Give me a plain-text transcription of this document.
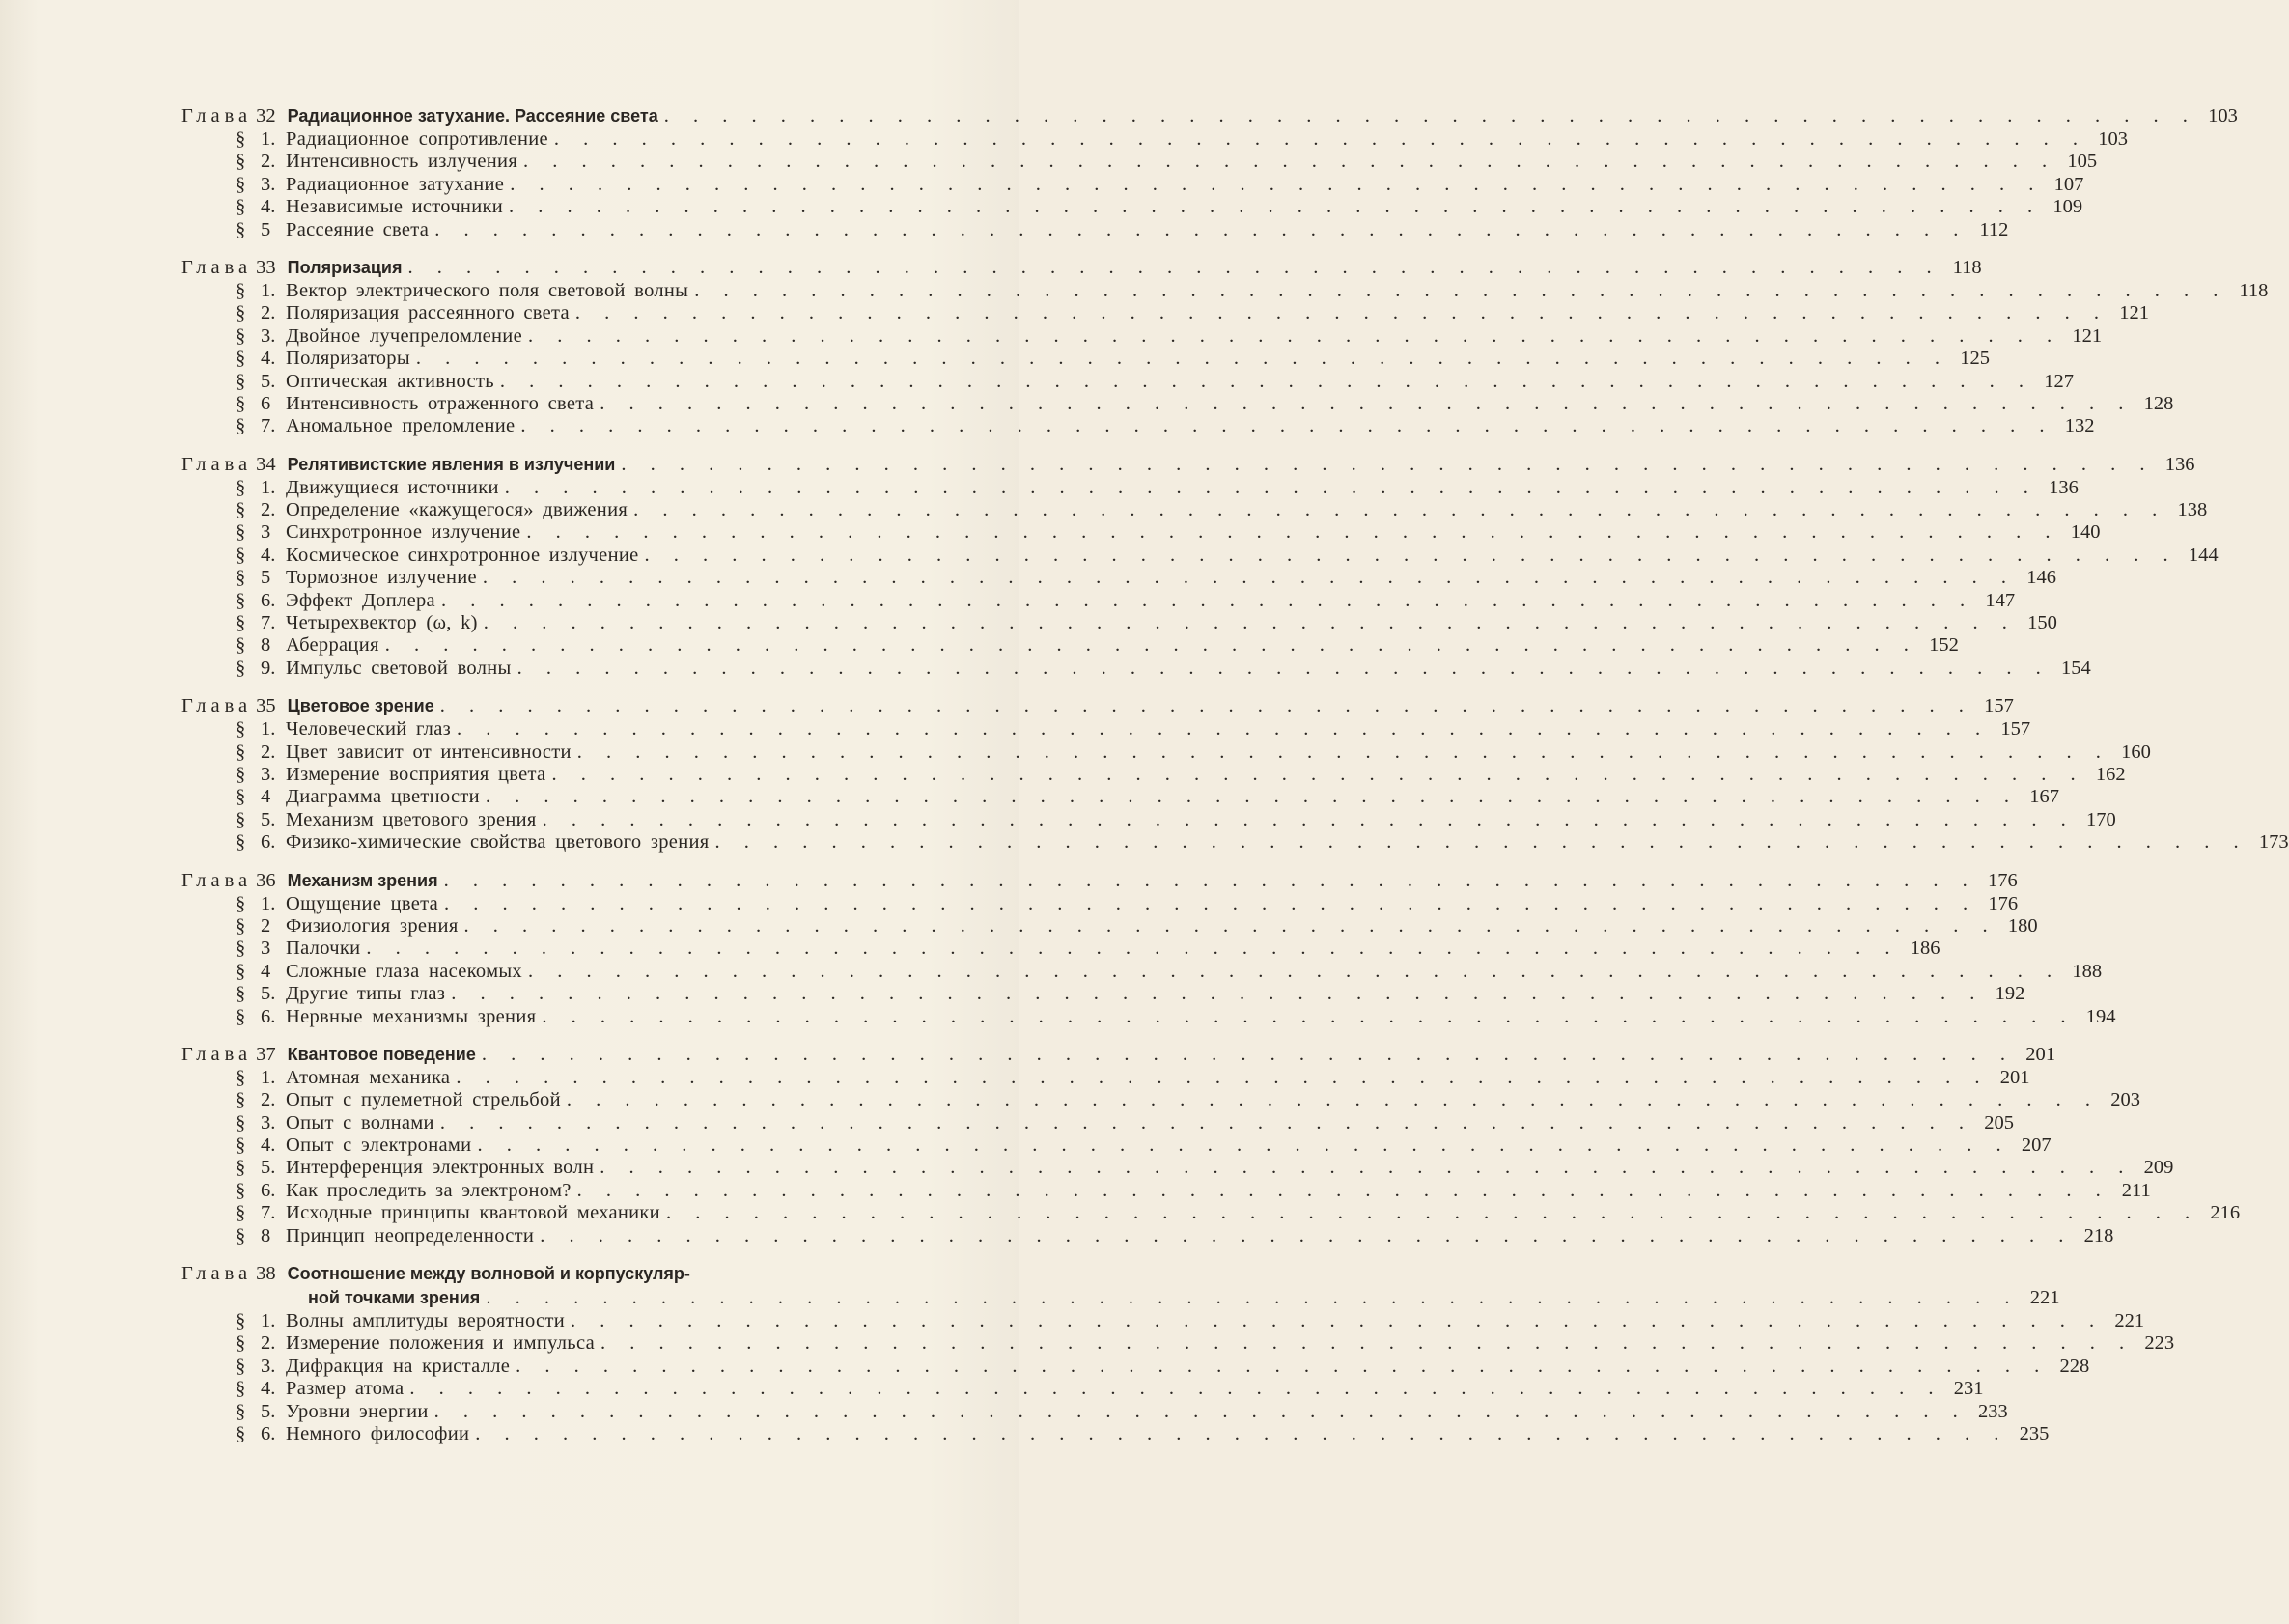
Глава 32 Радиационное затухание. Рассеяние света . . . . . . . . . . . . . . . . . . . . . . . . . . . . . . . . . . . . . . . . . . . . . . . . . . . . . 103
§ 1. Радиационное сопротивление . . . . . . . . . . . . . . . . . . . . . . . . . . . . . . . . . . . . . . . . . . . . . . . . . . . . . 103
§ 2. Интенсивность излучения . . . . . . . . . . . . . . . . . . . . . . . . . . . . . . . . . . . . . . . . . . . . . . . . . . . . . 105
§ 3. Радиационное затухание . . . . . . . . . . . . . . . . . . . . . . . . . . . . . . . . . . . . . . . . . . . . . . . . . . . . . 107
§ 4. Независимые источники . . . . . . . . . . . . . . . . . . . . . . . . . . . . . . . . . . . . . . . . . . . . . . . . . . . . . 109
§ 5 Рассеяние света . . . . . . . . . . . . . . . . . . . . . . . . . . . . . . . . . . . . . . . . . . . . . . . . . . . . . 112
Глава 33 Поляризация . . . . . . . . . . . . . . . . . . . . . . . . . . . . . . . . . . . . . . . . . . . . . . . . . . . . . 118
§ 1. Вектор электрического поля световой волны . . . . . . . . . . . . . . . . . . . . . . . . . . . . . . . . . . . . . . . . . . . . . . . . . . . . . 118
§ 2. Поляризация рассеянного света . . . . . . . . . . . . . . . . . . . . . . . . . . . . . . . . . . . . . . . . . . . . . . . . . . . . . 121
§ 3. Двойное лучепреломление . . . . . . . . . . . . . . . . . . . . . . . . . . . . . . . . . . . . . . . . . . . . . . . . . . . . . 121
§ 4. Поляризаторы . . . . . . . . . . . . . . . . . . . . . . . . . . . . . . . . . . . . . . . . . . . . . . . . . . . . . 125
§ 5. Оптическая активность . . . . . . . . . . . . . . . . . . . . . . . . . . . . . . . . . . . . . . . . . . . . . . . . . . . . . 127
§ 6 Интенсивность отраженного света . . . . . . . . . . . . . . . . . . . . . . . . . . . . . . . . . . . . . . . . . . . . . . . . . . . . . 128
§ 7. Аномальное преломление . . . . . . . . . . . . . . . . . . . . . . . . . . . . . . . . . . . . . . . . . . . . . . . . . . . . . 132
Глава 34 Релятивистские явления в излучении . . . . . . . . . . . . . . . . . . . . . . . . . . . . . . . . . . . . . . . . . . . . . . . . . . . . . 136
§ 1. Движущиеся источники . . . . . . . . . . . . . . . . . . . . . . . . . . . . . . . . . . . . . . . . . . . . . . . . . . . . . 136
§ 2. Определение «кажущегося» движения . . . . . . . . . . . . . . . . . . . . . . . . . . . . . . . . . . . . . . . . . . . . . . . . . . . . . 138
§ 3 Синхротронное излучение . . . . . . . . . . . . . . . . . . . . . . . . . . . . . . . . . . . . . . . . . . . . . . . . . . . . . 140
§ 4. Космическое синхротронное излучение . . . . . . . . . . . . . . . . . . . . . . . . . . . . . . . . . . . . . . . . . . . . . . . . . . . . . 144
§ 5 Тормозное излучение . . . . . . . . . . . . . . . . . . . . . . . . . . . . . . . . . . . . . . . . . . . . . . . . . . . . . 146
§ 6. Эффект Доплера . . . . . . . . . . . . . . . . . . . . . . . . . . . . . . . . . . . . . . . . . . . . . . . . . . . . . 147
§ 7. Четырехвектор (ω, k) . . . . . . . . . . . . . . . . . . . . . . . . . . . . . . . . . . . . . . . . . . . . . . . . . . . . . 150
§ 8 Аберрация . . . . . . . . . . . . . . . . . . . . . . . . . . . . . . . . . . . . . . . . . . . . . . . . . . . . . 152
§ 9. Импульс световой волны . . . . . . . . . . . . . . . . . . . . . . . . . . . . . . . . . . . . . . . . . . . . . . . . . . . . . 154
Глава 35 Цветовое зрение . . . . . . . . . . . . . . . . . . . . . . . . . . . . . . . . . . . . . . . . . . . . . . . . . . . . . 157
§ 1. Человеческий глаз . . . . . . . . . . . . . . . . . . . . . . . . . . . . . . . . . . . . . . . . . . . . . . . . . . . . . 157
§ 2. Цвет зависит от интенсивности . . . . . . . . . . . . . . . . . . . . . . . . . . . . . . . . . . . . . . . . . . . . . . . . . . . . . 160
§ 3. Измерение восприятия цвета . . . . . . . . . . . . . . . . . . . . . . . . . . . . . . . . . . . . . . . . . . . . . . . . . . . . . 162
§ 4 Диаграмма цветности . . . . . . . . . . . . . . . . . . . . . . . . . . . . . . . . . . . . . . . . . . . . . . . . . . . . . 167
§ 5. Механизм цветового зрения . . . . . . . . . . . . . . . . . . . . . . . . . . . . . . . . . . . . . . . . . . . . . . . . . . . . . 170
§ 6. Физико-химические свойства цветового зрения . . . . . . . . . . . . . . . . . . . . . . . . . . . . . . . . . . . . . . . . . . . . . . . . . . . . . 173
Глава 36 Механизм зрения . . . . . . . . . . . . . . . . . . . . . . . . . . . . . . . . . . . . . . . . . . . . . . . . . . . . . 176
§ 1. Ощущение цвета . . . . . . . . . . . . . . . . . . . . . . . . . . . . . . . . . . . . . . . . . . . . . . . . . . . . . 176
§ 2 Физиология зрения . . . . . . . . . . . . . . . . . . . . . . . . . . . . . . . . . . . . . . . . . . . . . . . . . . . . . 180
§ 3 Палочки . . . . . . . . . . . . . . . . . . . . . . . . . . . . . . . . . . . . . . . . . . . . . . . . . . . . . 186
§ 4 Сложные глаза насекомых . . . . . . . . . . . . . . . . . . . . . . . . . . . . . . . . . . . . . . . . . . . . . . . . . . . . . 188
§ 5. Другие типы глаз . . . . . . . . . . . . . . . . . . . . . . . . . . . . . . . . . . . . . . . . . . . . . . . . . . . . . 192
§ 6. Нервные механизмы зрения . . . . . . . . . . . . . . . . . . . . . . . . . . . . . . . . . . . . . . . . . . . . . . . . . . . . . 194
Глава 37 Квантовое поведение . . . . . . . . . . . . . . . . . . . . . . . . . . . . . . . . . . . . . . . . . . . . . . . . . . . . . 201
§ 1. Атомная механика . . . . . . . . . . . . . . . . . . . . . . . . . . . . . . . . . . . . . . . . . . . . . . . . . . . . . 201
§ 2. Опыт с пулеметной стрельбой . . . . . . . . . . . . . . . . . . . . . . . . . . . . . . . . . . . . . . . . . . . . . . . . . . . . . 203
§ 3. Опыт с волнами . . . . . . . . . . . . . . . . . . . . . . . . . . . . . . . . . . . . . . . . . . . . . . . . . . . . . 205
§ 4. Опыт с электронами . . . . . . . . . . . . . . . . . . . . . . . . . . . . . . . . . . . . . . . . . . . . . . . . . . . . . 207
§ 5. Интерференция электронных волн . . . . . . . . . . . . . . . . . . . . . . . . . . . . . . . . . . . . . . . . . . . . . . . . . . . . . 209
§ 6. Как проследить за электроном? . . . . . . . . . . . . . . . . . . . . . . . . . . . . . . . . . . . . . . . . . . . . . . . . . . . . . 211
§ 7. Исходные принципы квантовой механики . . . . . . . . . . . . . . . . . . . . . . . . . . . . . . . . . . . . . . . . . . . . . . . . . . . . . 216
§ 8 Принцип неопределенности . . . . . . . . . . . . . . . . . . . . . . . . . . . . . . . . . . . . . . . . . . . . . . . . . . . . . 218
Глава 38 Соотношение между волновой и корпускуляр-
ной точками зрения . . . . . . . . . . . . . . . . . . . . . . . . . . . . . . . . . . . . . . . . . . . . . . . . . . . . . 221
§ 1. Волны амплитуды вероятности . . . . . . . . . . . . . . . . . . . . . . . . . . . . . . . . . . . . . . . . . . . . . . . . . . . . . 221
§ 2. Измерение положения и импульса . . . . . . . . . . . . . . . . . . . . . . . . . . . . . . . . . . . . . . . . . . . . . . . . . . . . . 223
§ 3. Дифракция на кристалле . . . . . . . . . . . . . . . . . . . . . . . . . . . . . . . . . . . . . . . . . . . . . . . . . . . . . 228
§ 4. Размер атома . . . . . . . . . . . . . . . . . . . . . . . . . . . . . . . . . . . . . . . . . . . . . . . . . . . . . 231
§ 5. Уровни энергии . . . . . . . . . . . . . . . . . . . . . . . . . . . . . . . . . . . . . . . . . . . . . . . . . . . . . 233
§ 6. Немного философии . . . . . . . . . . . . . . . . . . . . . . . . . . . . . . . . . . . . . . . . . . . . . . . . . . . . . 235
